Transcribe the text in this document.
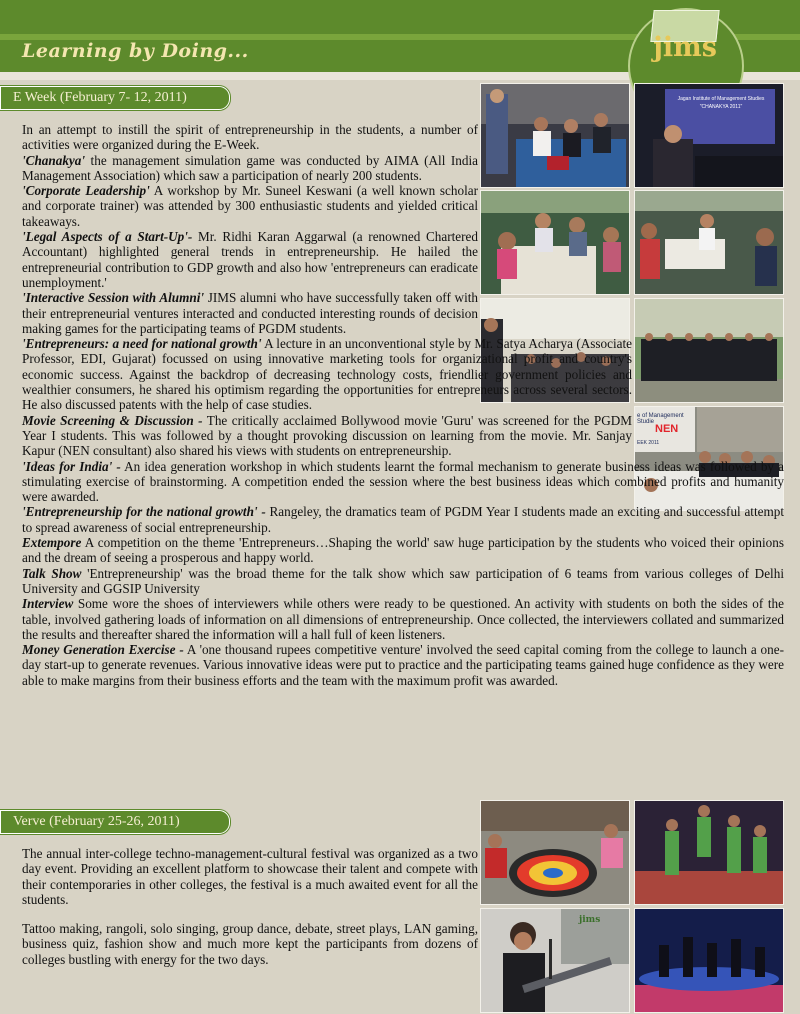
Learning by Doing...	jims
E Week (February 7- 12, 2011)	Jagan Institute of Management Studies
"CHANAKYA 2011"
e of Management Studie
NEN
EEK 2011

In an attempt to instill the spirit of entrepreneurship in the students, a number of activities were organized during the E-Week.

'Chanakya' the management simulation game was conducted by AIMA (All India Management Association) which saw a participation of nearly 200 students.

'Corporate Leadership' A workshop by Mr. Suneel Keswani (a well known scholar and corporate trainer) was attended by 300 enthusiastic students and yielded critical takeaways.

'Legal Aspects of a Start-Up'- Mr. Ridhi Karan Aggarwal (a renowned Chartered Accountant) highlighted general trends in entrepreneurship. He hailed the entrepreneurial contribution to GDP growth and also how 'entrepreneurs can eradicate unemployment.'

'Interactive Session with Alumni' JIMS alumni who have successfully taken off with their entrepreneurial ventures interacted and conducted interesting rounds of decision making games for the participating teams of PGDM students.

'Entrepreneurs: a need for national growth' A lecture in an unconventional style by Mr. Satya Acharya (Associate Professor, EDI, Gujarat) focussed on using innovative marketing tools for organizational profit and country's economic success. Against the backdrop of decreasing technology costs, friendlier government policies and wealthier consumers, he shared his optimism regarding the opportunities for entrepreneurs across several sectors. He also discussed patents with the help of case studies.

Movie Screening & Discussion - The critically acclaimed Bollywood movie 'Guru' was screened for the PGDM Year I students. This was followed by a thought provoking discussion on learning from the movie. Mr. Sanjay Kapur (NEN consultant) also shared his views with students on entrepreneurship.

'Ideas for India' - An idea generation workshop in which students learnt the formal mechanism to generate business ideas was followed by a stimulating exercise of brainstorming. A competition ended the session where the best business ideas which combined profits and humanity were awarded.

'Entrepreneurship for the national growth' - Rangeley, the dramatics team of PGDM Year I students made an exciting and successful attempt to spread awareness of social entrepreneurship.

Extempore A competition on the theme 'Entrepreneurs…Shaping the world' saw huge participation by the students who voiced their opinions and the dream of seeing a prosperous and happy world.

Talk Show 'Entrepreneurship' was the broad theme for the talk show which saw participation of 6 teams from various colleges of Delhi University and GGSIP University

Interview Some wore the shoes of interviewers while others were ready to be questioned. An activity with students on both the sides of the table, involved gathering loads of information on all dimensions of entrepreneurship. Once collected, the interviewers collated and summarized the results and thereafter shared the information will a hall full of keen listeners.

Money Generation Exercise - A 'one thousand rupees competitive venture' involved the seed capital coming from the college to launch a one-day start-up to generate revenues. Various innovative ideas were put to practice and the participating teams gained huge confidence as they were able to make margins from their business efforts and the team with the maximum profit was awarded.

Verve (February 25-26, 2011)
jims

The annual inter-college techno-management-cultural festival was organized as a two day event. Providing an excellent platform to showcase their talent and compete with their contemporaries in other colleges, the festival is a much awaited event for all the students.

Tattoo making, rangoli, solo singing, group dance, debate, street plays, LAN gaming, business quiz, fashion show and much more kept the participants from dozens of colleges bustling with energy for the two days.
